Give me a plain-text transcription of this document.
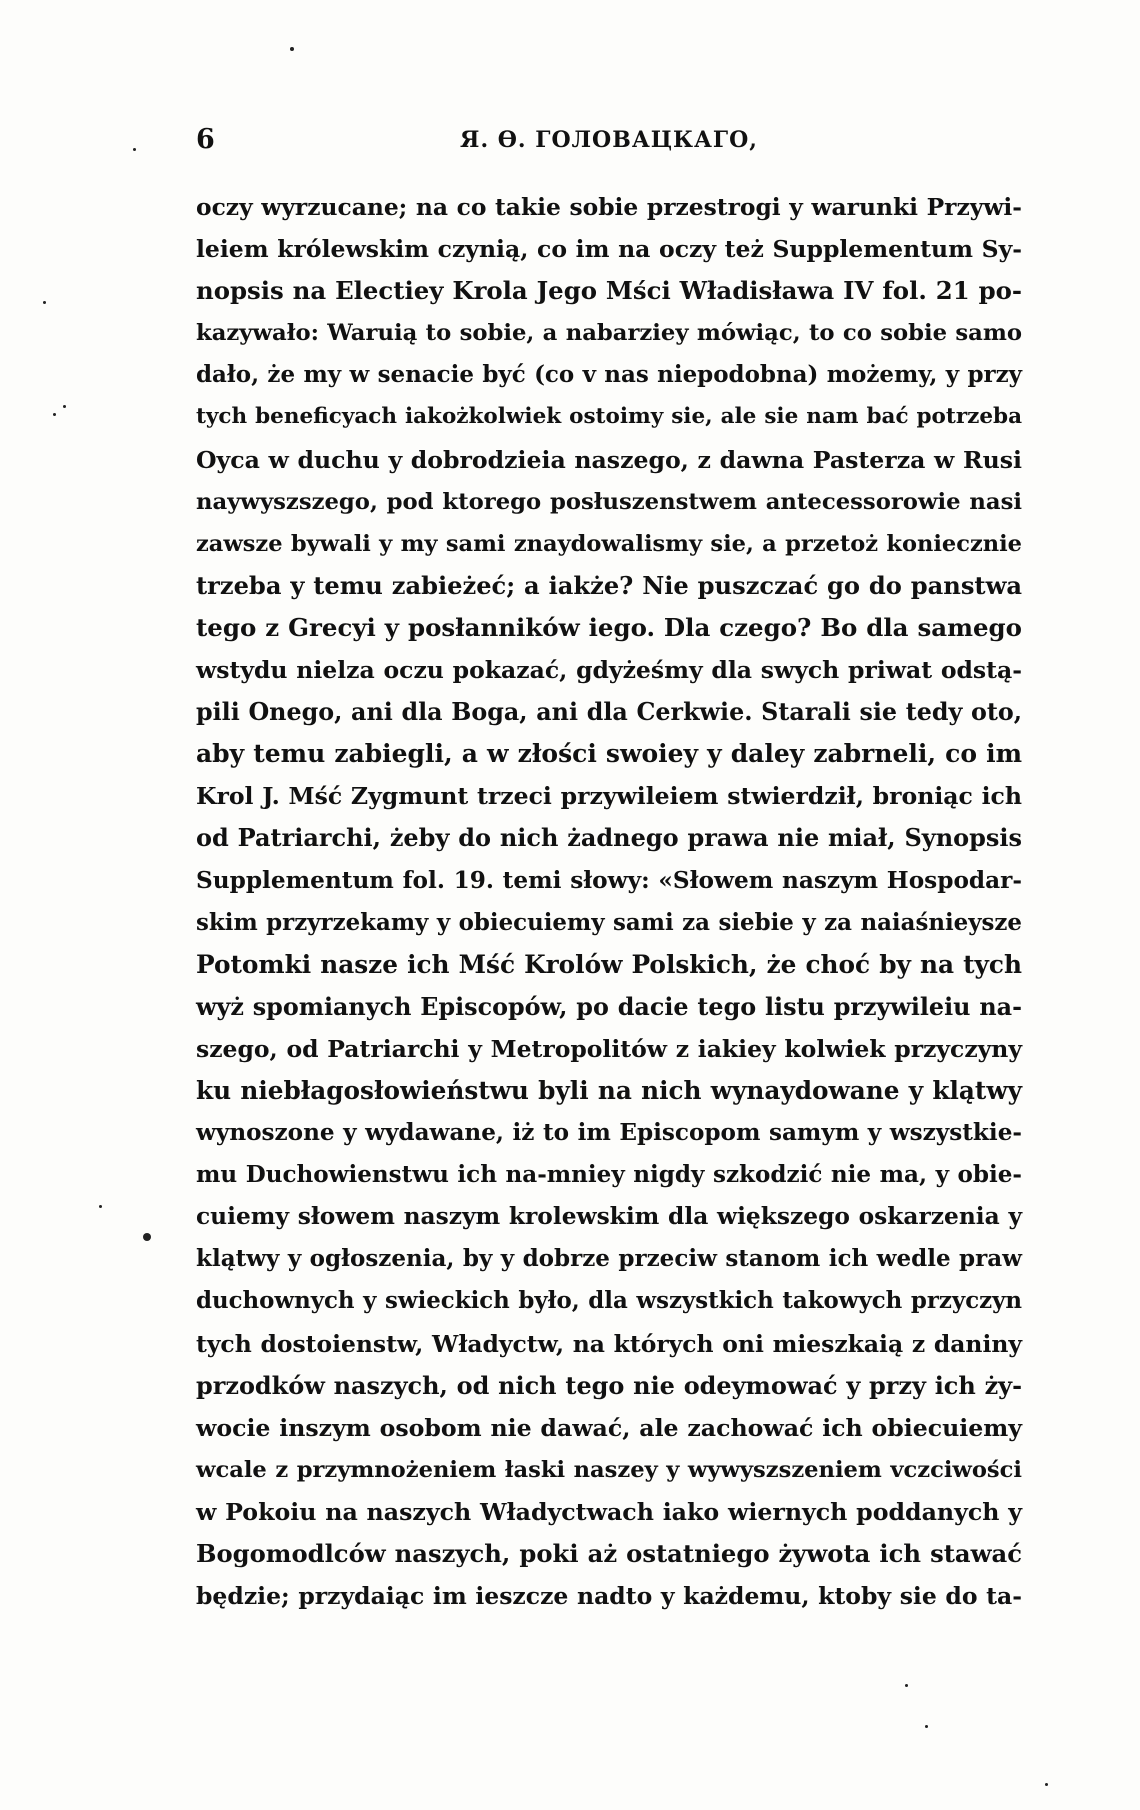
6	Я. Ѳ. ГОЛОВАЦКАГО,
oczy wyrzucane; na co takie sobie przestrogi y warunki Przywi-
leiem królewskim czynią, co im na oczy też Supplementum Sy-
nopsis na Electiey Krola Jego Mści Władisława IV fol. 21 po-
kazywało: Waruią to sobie, a nabarziey mówiąc, to co sobie samo
dało, że my w senacie być (co v nas niepodobna) możemy, y przy
tych beneficyach iakożkolwiek ostoimy sie, ale sie nam bać potrzeba
Oyca w duchu y dobrodzieia naszego, z dawna Pasterza w Rusi
naywyszszego, pod ktorego posłuszenstwem antecessorowie nasi
zawsze bywali y my sami znaydowalismy sie, a przetoż koniecznie
trzeba y temu zabieżeć; a iakże? Nie puszczać go do panstwa
tego z Grecyi y posłanników iego. Dla czego? Bo dla samego
wstydu nielza oczu pokazać, gdyżeśmy dla swych priwat odstą-
pili Onego, ani dla Boga, ani dla Cerkwie. Starali sie tedy oto,
aby temu zabiegli, a w złości swoiey y daley zabrneli, co im
Krol J. Mść Zygmunt trzeci przywileiem stwierdził, broniąc ich
od Patriarchi, żeby do nich żadnego prawa nie miał, Synopsis
Supplementum fol. 19. temi słowy: «Słowem naszym Hospodar-
skim przyrzekamy y obiecuiemy sami za siebie y za naiaśnieysze
Potomki nasze ich Mść Krolów Polskich, że choć by na tych
wyż spomianych Episcopów, po dacie tego listu przywileiu na-
szego, od Patriarchi y Metropolitów z iakiey kolwiek przyczyny
ku niebłagosłowieństwu byli na nich wynaydowane y klątwy
wynoszone y wydawane, iż to im Episcopom samym y wszystkie-
mu Duchowienstwu ich na-mniey nigdy szkodzić nie ma, y obie-
cuiemy słowem naszym krolewskim dla większego oskarzenia y
klątwy y ogłoszenia, by y dobrze przeciw stanom ich wedle praw
duchownych y swieckich było, dla wszystkich takowych przyczyn
tych dostoienstw, Władyctw, na których oni mieszkaią z daniny
przodków naszych, od nich tego nie odeymować y przy ich ży-
wocie inszym osobom nie dawać, ale zachować ich obiecuiemy
wcale z przymnożeniem łaski naszey y wywyszszeniem vczciwości
w Pokoiu na naszych Władyctwach iako wiernych poddanych y
Bogomodlców naszych, poki aż ostatniego żywota ich stawać
będzie; przydaiąc im ieszcze nadto y każdemu, ktoby sie do ta-
